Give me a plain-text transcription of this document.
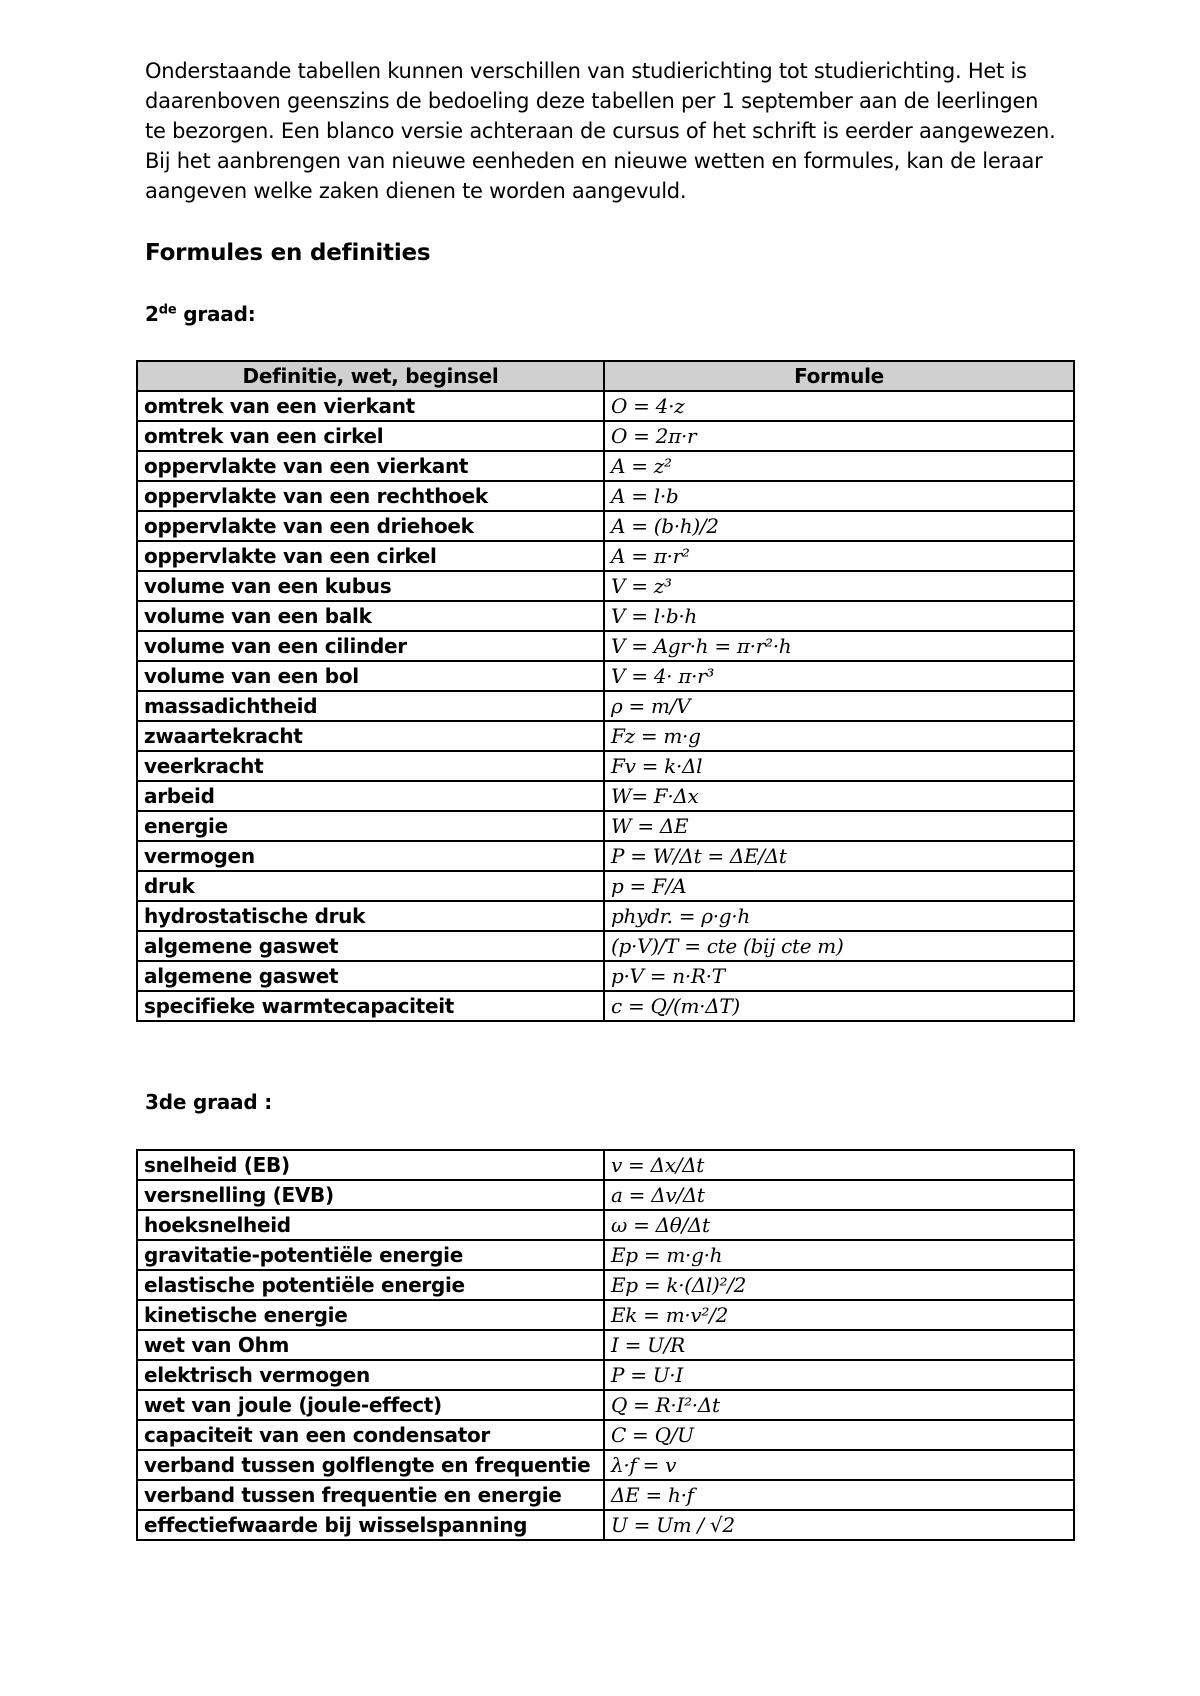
Onderstaande tabellen kunnen verschillen van studierichting tot studierichting. Het is daarenboven geenszins de bedoeling deze tabellen per 1 september aan de leerlingen te bezorgen. Een blanco versie achteraan de cursus of het schrift is eerder aangewezen. Bij het aanbrengen van nieuwe eenheden en nieuwe wetten en formules, kan de leraar aangeven welke zaken dienen te worden aangevuld.

Formules en definities
2de graad:
Definitie, wet, beginsel	Formule
omtrek van een vierkant	O = 4·z
omtrek van een cirkel	O = 2π·r
oppervlakte van een vierkant	A = z²
oppervlakte van een rechthoek	A = l·b
oppervlakte van een driehoek	A = (b·h)/2
oppervlakte van een cirkel	A = π·r²
volume van een kubus	V = z³
volume van een balk	V = l·b·h
volume van een cilinder	V = Agr·h = π·r²·h
volume van een bol	V = 4· π·r³
massadichtheid	ρ = m/V
zwaartekracht	Fz = m·g
veerkracht	Fv = k·Δl
arbeid	W= F·Δx
energie	W = ΔE
vermogen	P = W/Δt = ΔE/Δt
druk	p = F/A
hydrostatische druk	phydr. = ρ·g·h
algemene gaswet	(p·V)/T = cte (bij cte m)
algemene gaswet	p·V = n·R·T
specifieke warmtecapaciteit	c = Q/(m·ΔT)
3de graad :
snelheid (EB)	v = Δx/Δt
versnelling (EVB)	a = Δv/Δt
hoeksnelheid	ω = Δθ/Δt
gravitatie-potentiële energie	Ep = m·g·h
elastische potentiële energie	Ep = k·(Δl)²/2
kinetische energie	Ek = m·v²/2
wet van Ohm	I = U/R
elektrisch vermogen	P = U·I
wet van joule (joule-effect)	Q = R·I²·Δt
capaciteit van een condensator	C = Q/U
verband tussen golflengte en frequentie	λ·f = v
verband tussen frequentie en energie	ΔE = h·f
effectiefwaarde bij wisselspanning	U = Um / √2
